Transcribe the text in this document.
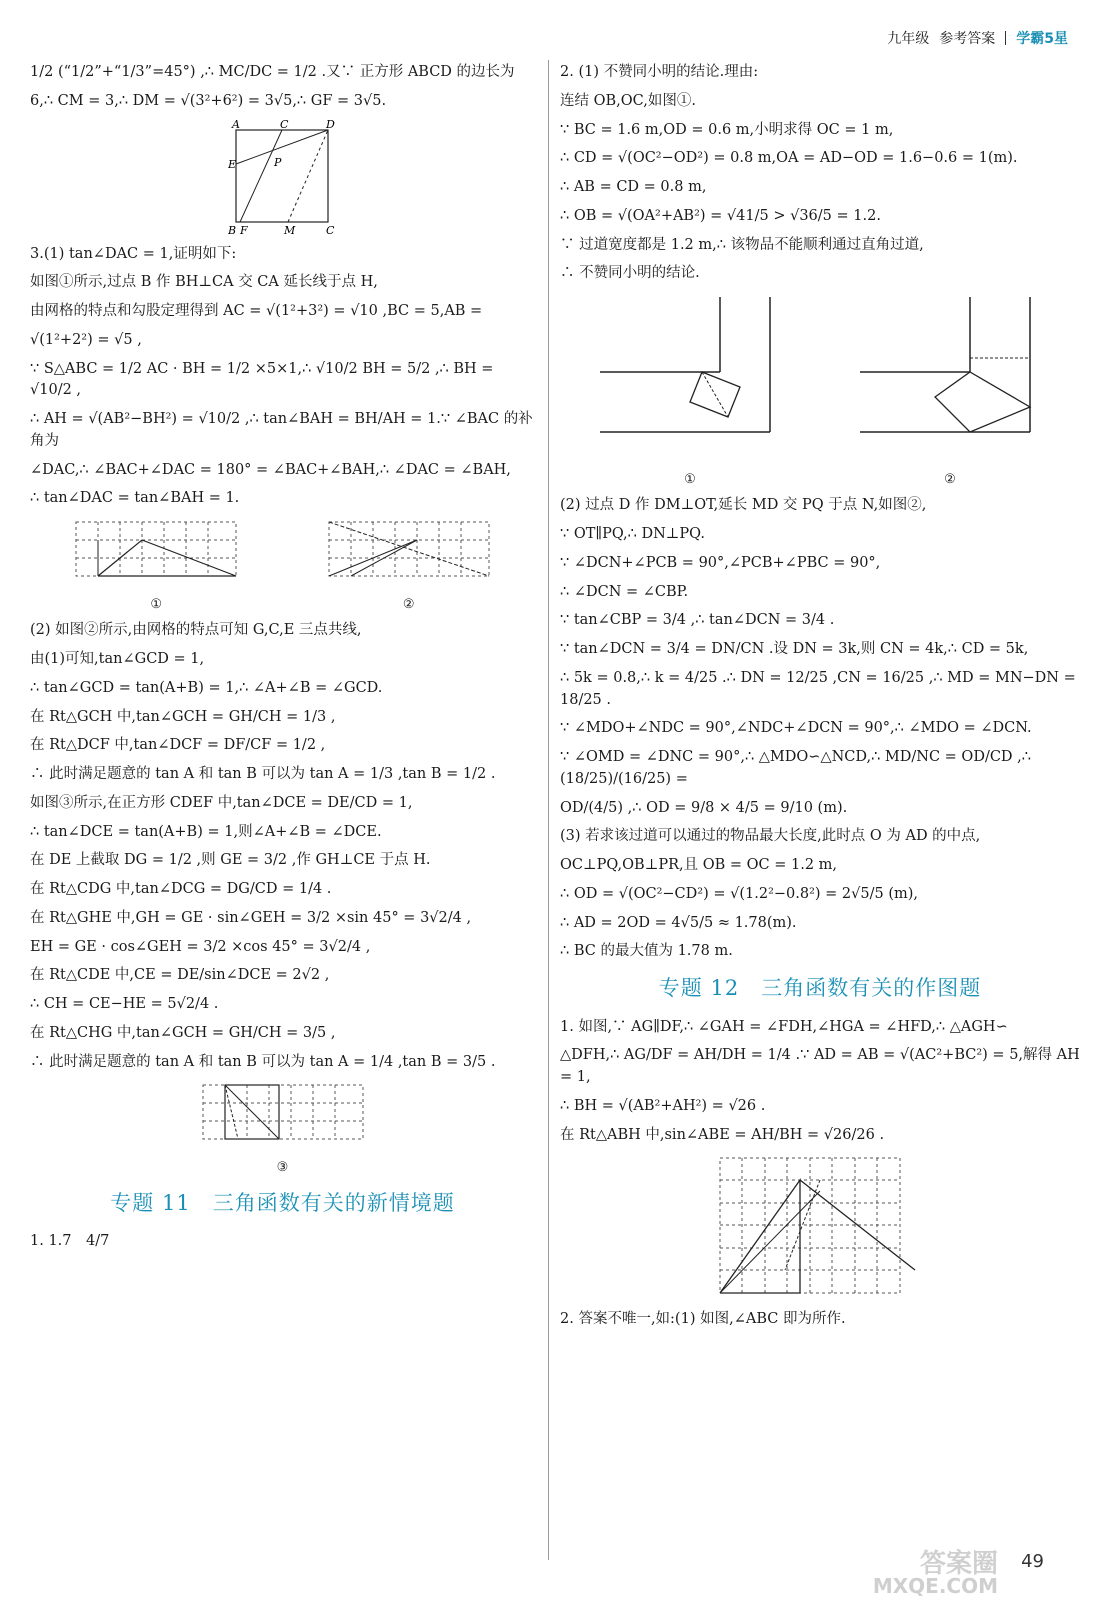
九年级 参考答案 学霸5星

1/2 (“1/2”+“1/3”=45°) ,∴ MC/DC = 1/2 .又∵ 正方形 ABCD 的边长为

6,∴ CM = 3,∴ DM = √(3²+6²) = 3√5,∴ GF = 3√5.

A	C	D
E	P
B F	M	C

3.(1) tan∠DAC = 1,证明如下:

如图①所示,过点 B 作 BH⊥CA 交 CA 延长线于点 H,

由网格的特点和勾股定理得到 AC = √(1²+3²) = √10 ,BC = 5,AB =

√(1²+2²) = √5 ,

∵ S△ABC = 1/2 AC · BH = 1/2 ×5×1,∴ √10/2 BH = 5/2 ,∴ BH = √10/2 ,

∴ AH = √(AB²−BH²) = √10/2 ,∴ tan∠BAH = BH/AH = 1.∵ ∠BAC 的补角为

∠DAC,∴ ∠BAC+∠DAC = 180° = ∠BAC+∠BAH,∴ ∠DAC = ∠BAH,

∴ tan∠DAC = tan∠BAH = 1.

①	②

(2) 如图②所示,由网格的特点可知 G,C,E 三点共线,

由(1)可知,tan∠GCD = 1,

∴ tan∠GCD = tan(A+B) = 1,∴ ∠A+∠B = ∠GCD.

在 Rt△GCH 中,tan∠GCH = GH/CH = 1/3 ,

在 Rt△DCF 中,tan∠DCF = DF/CF = 1/2 ,

∴ 此时满足题意的 tan A 和 tan B 可以为 tan A = 1/3 ,tan B = 1/2 .

如图③所示,在正方形 CDEF 中,tan∠DCE = DE/CD = 1,

∴ tan∠DCE = tan(A+B) = 1,则∠A+∠B = ∠DCE.

在 DE 上截取 DG = 1/2 ,则 GE = 3/2 ,作 GH⊥CE 于点 H.

在 Rt△CDG 中,tan∠DCG = DG/CD = 1/4 .

在 Rt△GHE 中,GH = GE · sin∠GEH = 3/2 ×sin 45° = 3√2/4 ,

EH = GE · cos∠GEH = 3/2 ×cos 45° = 3√2/4 ,

在 Rt△CDE 中,CE = DE/sin∠DCE = 2√2 ,

∴ CH = CE−HE = 5√2/4 .

在 Rt△CHG 中,tan∠GCH = GH/CH = 3/5 ,

∴ 此时满足题意的 tan A 和 tan B 可以为 tan A = 1/4 ,tan B = 3/5 .

③
专题 11　三角函数有关的新情境题

1. 1.7　4/7

2. (1) 不赞同小明的结论.理由:

连结 OB,OC,如图①.

∵ BC = 1.6 m,OD = 0.6 m,小明求得 OC = 1 m,

∴ CD = √(OC²−OD²) = 0.8 m,OA = AD−OD = 1.6−0.6 = 1(m).

∴ AB = CD = 0.8 m,

∴ OB = √(OA²+AB²) = √41/5 > √36/5 = 1.2.

∵ 过道宽度都是 1.2 m,∴ 该物品不能顺利通过直角过道,

∴ 不赞同小明的结论.

①	②

(2) 过点 D 作 DM⊥OT,延长 MD 交 PQ 于点 N,如图②,

∵ OT∥PQ,∴ DN⊥PQ.

∵ ∠DCN+∠PCB = 90°,∠PCB+∠PBC = 90°,

∴ ∠DCN = ∠CBP.

∵ tan∠CBP = 3/4 ,∴ tan∠DCN = 3/4 .

∵ tan∠DCN = 3/4 = DN/CN .设 DN = 3k,则 CN = 4k,∴ CD = 5k,

∴ 5k = 0.8,∴ k = 4/25 .∴ DN = 12/25 ,CN = 16/25 ,∴ MD = MN−DN = 18/25 .

∵ ∠MDO+∠NDC = 90°,∠NDC+∠DCN = 90°,∴ ∠MDO = ∠DCN.

∵ ∠OMD = ∠DNC = 90°,∴ △MDO∽△NCD,∴ MD/NC = OD/CD ,∴ (18/25)/(16/25) =

OD/(4/5) ,∴ OD = 9/8 × 4/5 = 9/10 (m).

(3) 若求该过道可以通过的物品最大长度,此时点 O 为 AD 的中点,

OC⊥PQ,OB⊥PR,且 OB = OC = 1.2 m,

∴ OD = √(OC²−CD²) = √(1.2²−0.8²) = 2√5/5 (m),

∴ AD = 2OD = 4√5/5 ≈ 1.78(m).

∴ BC 的最大值为 1.78 m.

专题 12　三角函数有关的作图题

1. 如图,∵ AG∥DF,∴ ∠GAH = ∠FDH,∠HGA = ∠HFD,∴ △AGH∽

△DFH,∴ AG/DF = AH/DH = 1/4 .∵ AD = AB = √(AC²+BC²) = 5,解得 AH = 1,

∴ BH = √(AB²+AH²) = √26 .

在 Rt△ABH 中,sin∠ABE = AH/BH = √26/26 .

2. 答案不唯一,如:(1) 如图,∠ABC 即为所作.

49
答案圈
MXQE.COM
